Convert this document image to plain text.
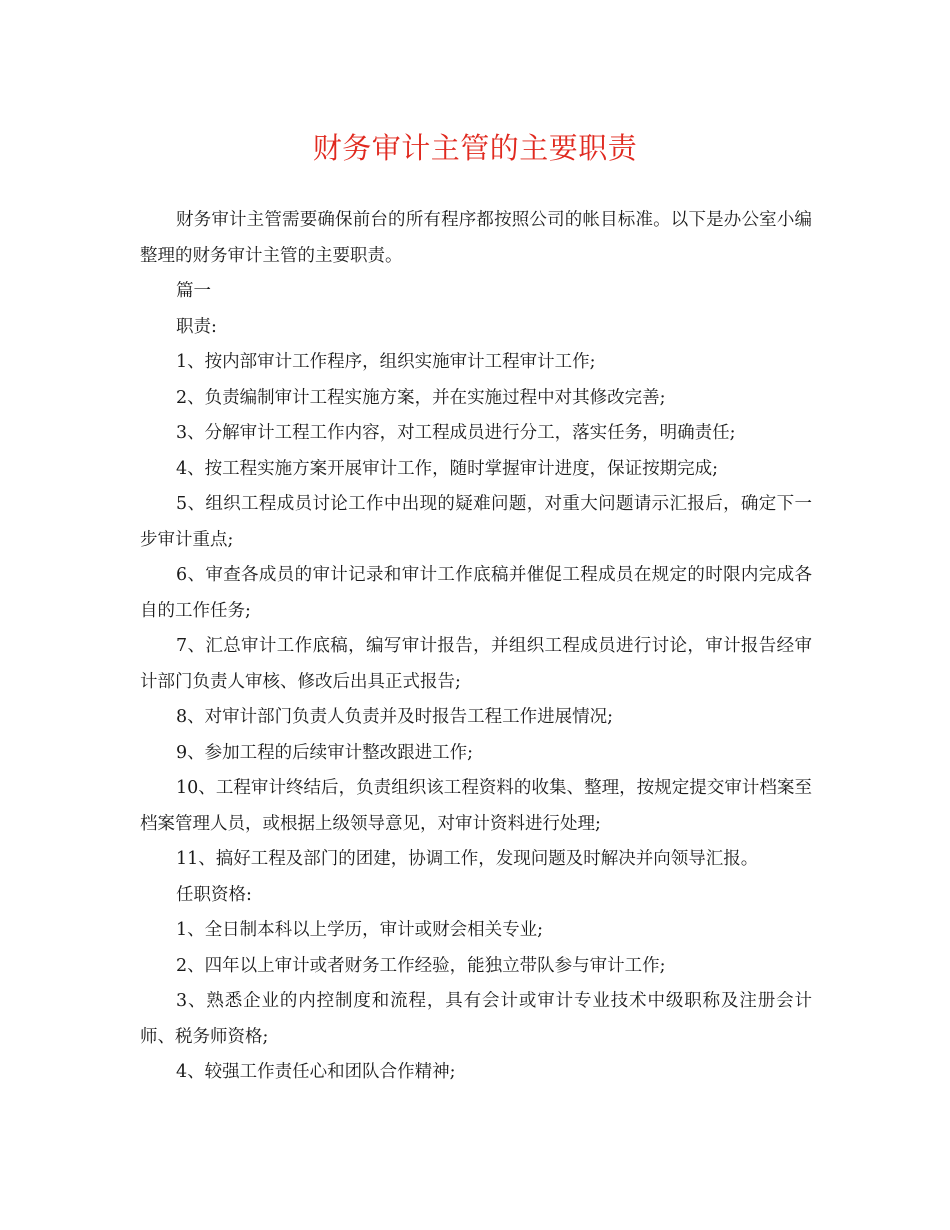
财务审计主管的主要职责

财务审计主管需要确保前台的所有程序都按照公司的帐目标准。以下是办公室小编整理的财务审计主管的主要职责。

篇一

职责:

1、按内部审计工作程序，组织实施审计工程审计工作;

2、负责编制审计工程实施方案，并在实施过程中对其修改完善;

3、分解审计工程工作内容，对工程成员进行分工，落实任务，明确责任;

4、按工程实施方案开展审计工作，随时掌握审计进度，保证按期完成;

5、组织工程成员讨论工作中出现的疑难问题，对重大问题请示汇报后，确定下一步审计重点;

6、审查各成员的审计记录和审计工作底稿并催促工程成员在规定的时限内完成各自的工作任务;

7、汇总审计工作底稿，编写审计报告，并组织工程成员进行讨论，审计报告经审计部门负责人审核、修改后出具正式报告;

8、对审计部门负责人负责并及时报告工程工作进展情况;

9、参加工程的后续审计整改跟进工作;

10、工程审计终结后，负责组织该工程资料的收集、整理，按规定提交审计档案至档案管理人员，或根据上级领导意见，对审计资料进行处理;

11、搞好工程及部门的团建，协调工作，发现问题及时解决并向领导汇报。

任职资格:

1、全日制本科以上学历，审计或财会相关专业;

2、四年以上审计或者财务工作经验，能独立带队参与审计工作;

3、熟悉企业的内控制度和流程，具有会计或审计专业技术中级职称及注册会计师、税务师资格;

4、较强工作责任心和团队合作精神;
